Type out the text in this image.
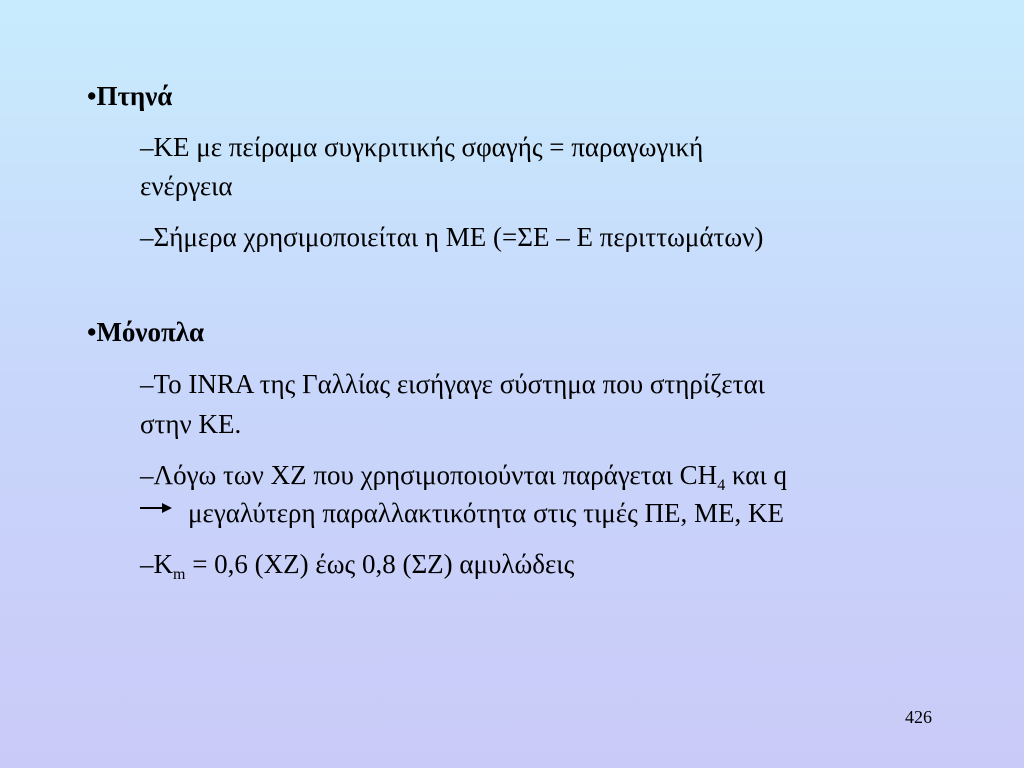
•Πτηνά
–ΚΕ με πείραμα συγκριτικής σφαγής = παραγωγική
ενέργεια
–Σήμερα χρησιμοποιείται η ΜΕ (=ΣΕ – Ε περιττωμάτων)
•Μόνοπλα
–Το INRA της Γαλλίας εισήγαγε σύστημα που στηρίζεται
στην ΚΕ.
–Λόγω των ΧΖ που χρησιμοποιούνται παράγεται $CH_4$ και q
μεγαλύτερη παραλλακτικότητα στις τιμές ΠΕ, ΜΕ, ΚΕ
$-K_m = 0,6$ (ΧΖ) έως 0,8 (ΣΖ) αμυλώδεις
426
